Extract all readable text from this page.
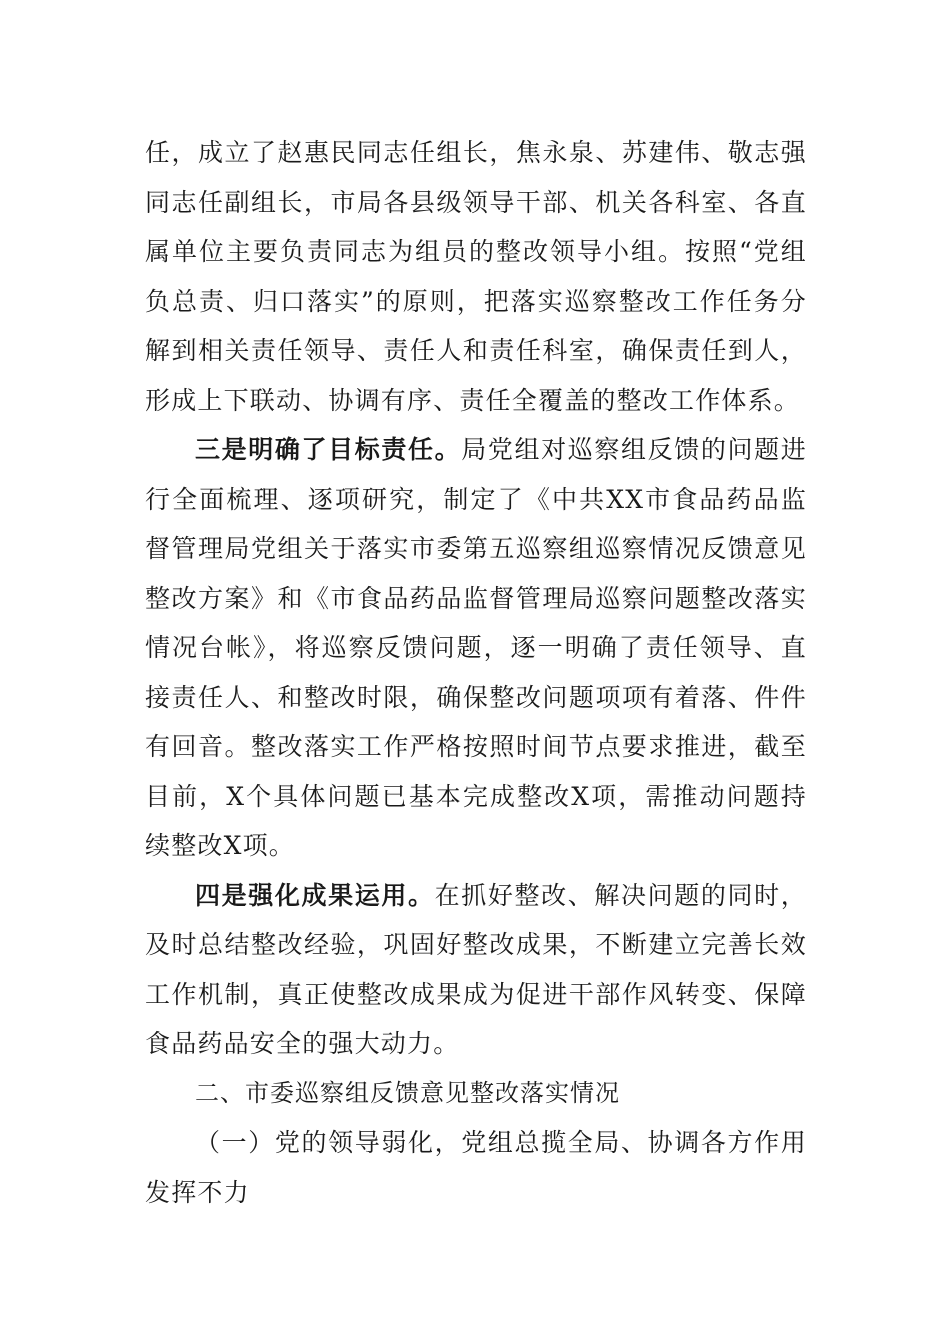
任，成立了赵惠民同志任组长，焦永泉、苏建伟、敬志强同志任副组长，市局各县级领导干部、机关各科室、各直属单位主要负责同志为组员的整改领导小组。按照“党组负总责、归口落实”的原则，把落实巡察整改工作任务分解到相关责任领导、责任人和责任科室，确保责任到人，形成上下联动、协调有序、责任全覆盖的整改工作体系。

三是明确了目标责任。局党组对巡察组反馈的问题进行全面梳理、逐项研究，制定了《中共XX市食品药品监督管理局党组关于落实市委第五巡察组巡察情况反馈意见整改方案》和《市食品药品监督管理局巡察问题整改落实情况台帐》，将巡察反馈问题，逐一明确了责任领导、直接责任人、和整改时限，确保整改问题项项有着落、件件有回音。整改落实工作严格按照时间节点要求推进，截至目前，X个具体问题已基本完成整改X项，需推动问题持续整改X项。

四是强化成果运用。在抓好整改、解决问题的同时，及时总结整改经验，巩固好整改成果，不断建立完善长效工作机制，真正使整改成果成为促进干部作风转变、保障食品药品安全的强大动力。

二、市委巡察组反馈意见整改落实情况

（一）党的领导弱化，党组总揽全局、协调各方作用发挥不力
